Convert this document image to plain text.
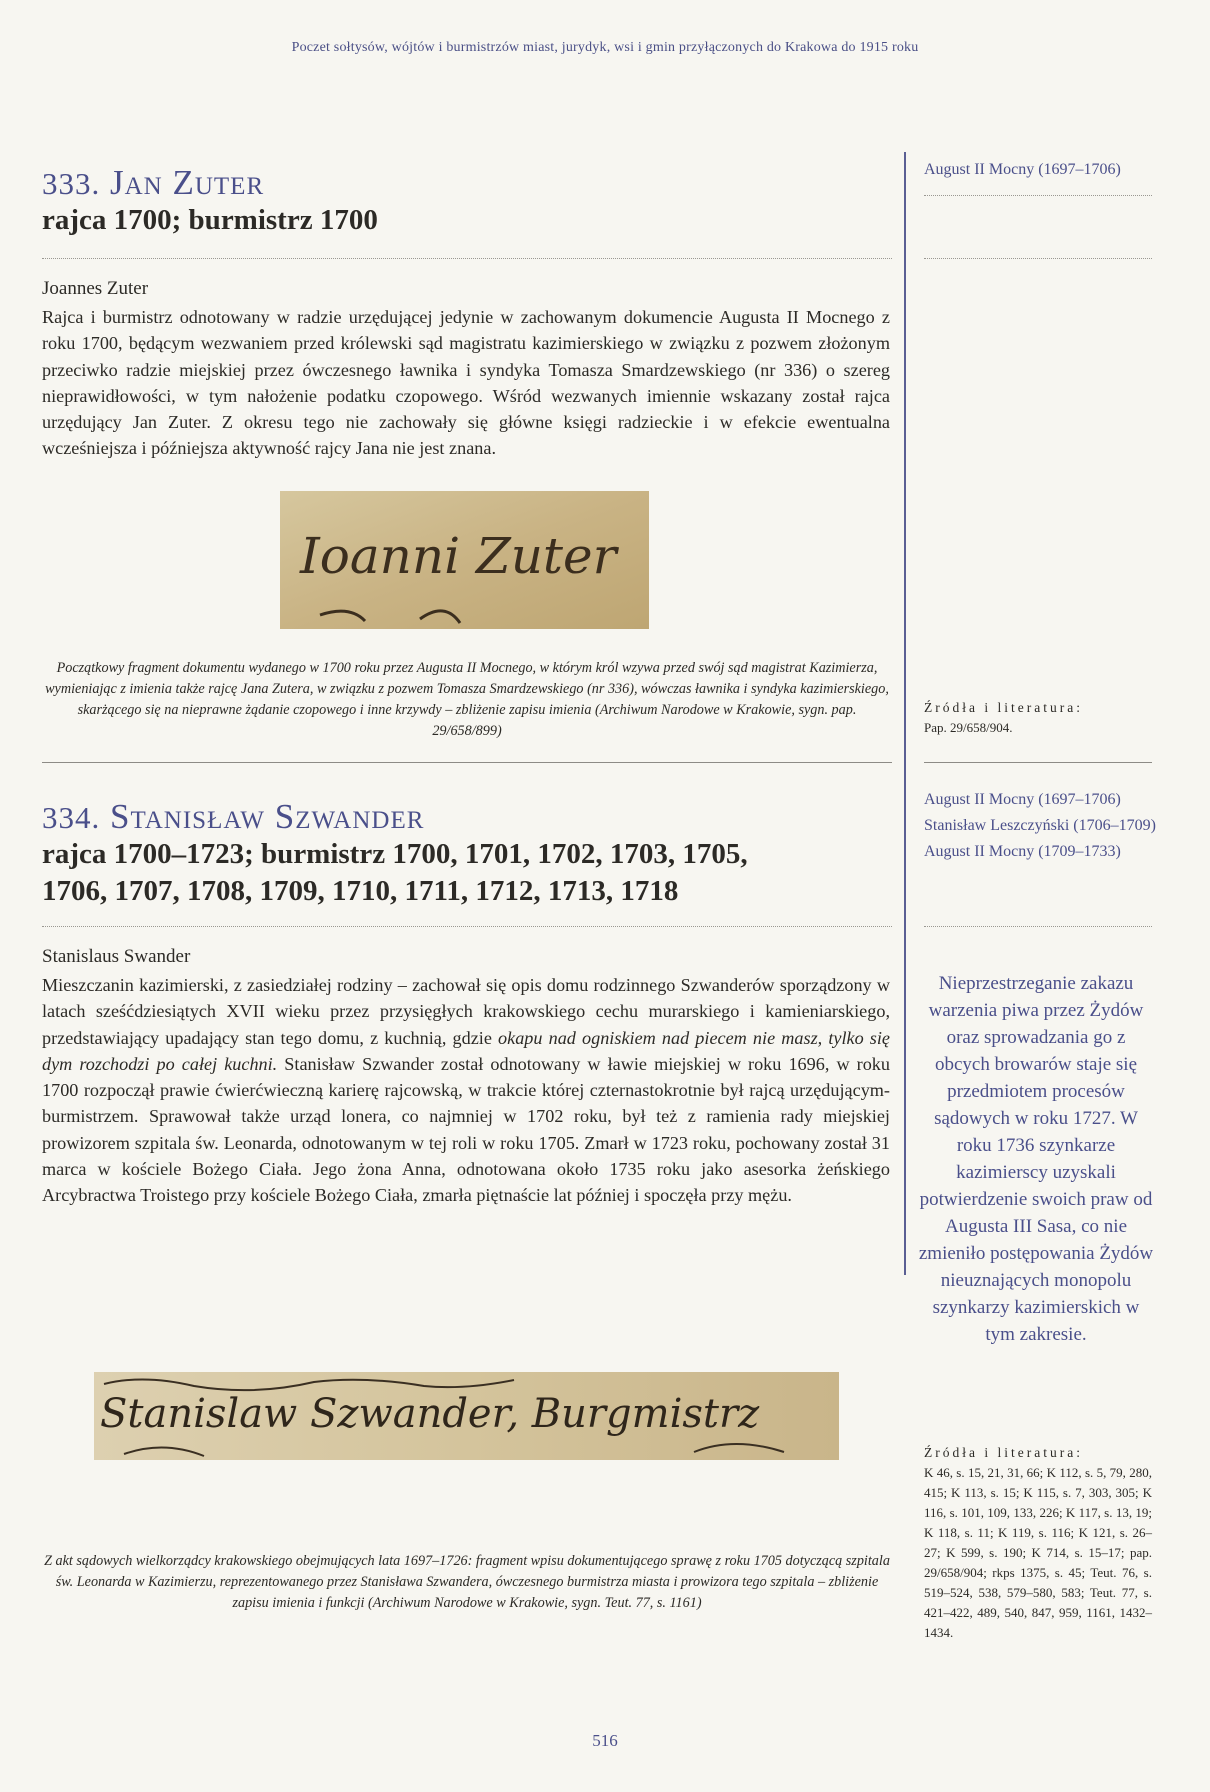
Poczet sołtysów, wójtów i burmistrzów miast, jurydyk, wsi i gmin przyłączonych do Krakowa do 1915 roku
333. Jan Zuter
rajca 1700; burmistrz 1700
Joannes Zuter
Rajca i burmistrz odnotowany w radzie urzędującej jedynie w zachowanym dokumencie Augusta II Mocnego z roku 1700, będącym wezwaniem przed królewski sąd magistratu kazimierskiego w związku z pozwem złożonym przeciwko radzie miejskiej przez ówczesnego ławnika i syndyka Tomasza Smardzewskiego (nr 336) o szereg nieprawidłowości, w tym nałożenie podatku czopowego. Wśród wezwanych imiennie wskazany został rajca urzędujący Jan Zuter. Z okresu tego nie zachowały się główne księgi radzieckie i w efekcie ewentualna wcześniejsza i późniejsza aktywność rajcy Jana nie jest znana.
Ioanni Zuter
Początkowy fragment dokumentu wydanego w 1700 roku przez Augusta II Mocnego, w którym król wzywa przed swój sąd magistrat Kazimierza, wymieniając z imienia także rajcę Jana Zutera, w związku z pozwem Tomasza Smardzewskiego (nr 336), wówczas ławnika i syndyka kazimierskiego, skarżącego się na nieprawne żądanie czopowego i inne krzywdy – zbliżenie zapisu imienia (Archiwum Narodowe w Krakowie, sygn. pap. 29/658/899)
August II Mocny (1697–1706)
Źródła i literatura:
Pap. 29/658/904.
334. Stanisław Szwander
rajca 1700–1723; burmistrz 1700, 1701, 1702, 1703, 1705,
1706, 1707, 1708, 1709, 1710, 1711, 1712, 1713, 1718
Stanislaus Swander
Mieszczanin kazimierski, z zasiedziałej rodziny – zachował się opis domu rodzinnego Szwanderów sporządzony w latach sześćdziesiątych XVII wieku przez przysięgłych krakowskiego cechu murarskiego i kamieniarskiego, przedstawiający upadający stan tego domu, z kuchnią, gdzie okapu nad ogniskiem nad piecem nie masz, tylko się dym rozchodzi po całej kuchni. Stanisław Szwander został odnotowany w ławie miejskiej w roku 1696, w roku 1700 rozpoczął prawie ćwierćwieczną karierę rajcowską, w trakcie której czternastokrotnie był rajcą urzędującym-burmistrzem. Sprawował także urząd lonera, co najmniej w 1702 roku, był też z ramienia rady miejskiej prowizorem szpitala św. Leonarda, odnotowanym w tej roli w roku 1705. Zmarł w 1723 roku, pochowany został 31 marca w kościele Bożego Ciała. Jego żona Anna, odnotowana około 1735 roku jako asesorka żeńskiego Arcybractwa Troistego przy kościele Bożego Ciała, zmarła piętnaście lat później i spoczęła przy mężu.
Stanislaw Szwander, Burgmistrz
Z akt sądowych wielkorządcy krakowskiego obejmujących lata 1697–1726: fragment wpisu dokumentującego sprawę z roku 1705 dotyczącą szpitala św. Leonarda w Kazimierzu, reprezentowanego przez Stanisława Szwandera, ówczesnego burmistrza miasta i prowizora tego szpitala – zbliżenie zapisu imienia i funkcji (Archiwum Narodowe w Krakowie, sygn. Teut. 77, s. 1161)
August II Mocny (1697–1706)
Stanisław Leszczyński (1706–1709)
August II Mocny (1709–1733)
Nieprzestrzeganie zakazu warzenia piwa przez Żydów oraz sprowadzania go z obcych browarów staje się przedmiotem procesów sądowych w roku 1727. W roku 1736 szynkarze kazimierscy uzyskali potwierdzenie swoich praw od Augusta III Sasa, co nie zmieniło postępowania Żydów nieuznających monopolu szynkarzy kazimierskich w tym zakresie.
Źródła i literatura:
K 46, s. 15, 21, 31, 66; K 112, s. 5, 79, 280, 415; K 113, s. 15; K 115, s. 7, 303, 305; K 116, s. 101, 109, 133, 226; K 117, s. 13, 19; K 118, s. 11; K 119, s. 116; K 121, s. 26–27; K 599, s. 190; K 714, s. 15–17; pap. 29/658/904; rkps 1375, s. 45; Teut. 76, s. 519–524, 538, 579–580, 583; Teut. 77, s. 421–422, 489, 540, 847, 959, 1161, 1432–1434.
516
